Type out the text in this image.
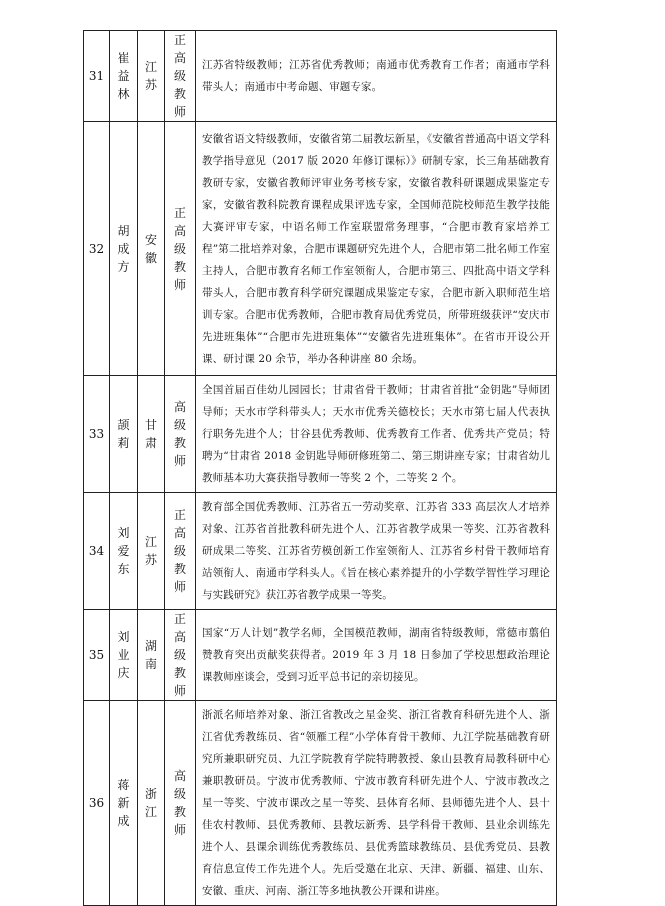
31	崔益林	江苏	正高级教师	江苏省特级教师；江苏省优秀教师；南通市优秀教育工作者；南通市学科带头人；南通市中考命题、审题专家。
32	胡成方	安徽	正高级教师	安徽省语文特级教师，安徽省第二届教坛新星，《安徽省普通高中语文学科教学指导意见（2017 版 2020 年修订课标）》研制专家，长三角基础教育教研专家，安徽省教师评审业务考核专家，安徽省教科研课题成果鉴定专家，安徽省教科院教育课程成果评选专家，全国师范院校师范生教学技能大赛评审专家，中语名师工作室联盟常务理事，“合肥市教育家培养工程”第二批培养对象，合肥市课题研究先进个人，合肥市第二批名师工作室主持人，合肥市教育名师工作室领衔人，合肥市第三、四批高中语文学科带头人，合肥市教育科学研究课题成果鉴定专家，合肥市新入职师范生培训专家。合肥市优秀教师，合肥市教育局优秀党员，所带班级获评“安庆市先进班集体”“合肥市先进班集体”“安徽省先进班集体”。在省市开设公开课、研讨课 20 余节，举办各种讲座 80 余场。
33	颉莉	甘肃	高级教师	全国首届百佳幼儿园园长；甘肃省骨干教师；甘肃省首批“金钥匙”导师团导师；天水市学科带头人；天水市优秀关德校长；天水市第七届人代表执行职务先进个人；甘谷县优秀教师、优秀教育工作者、优秀共产党员；特聘为“甘肃省 2018 金钥匙导师研修班第二、第三期讲座专家；甘肃省幼儿教师基本功大赛获指导教师一等奖 2 个，二等奖 2 个。
34	刘爱东	江苏	正高级教师	教育部全国优秀教师、江苏省五一劳动奖章、江苏省 333 高层次人才培养对象、江苏省首批教科研先进个人、江苏省教学成果一等奖、江苏省教科研成果二等奖、江苏省劳模创新工作室领衔人、江苏省乡村骨干教师培育站领衔人、南通市学科头人。《旨在核心素养提升的小学数学智性学习理论与实践研究》获江苏省教学成果一等奖。
35	刘业庆	湖南	正高级教师	国家“万人计划”教学名师，全国模范教师，湖南省特级教师，常德市翦伯赞教育突出贡献奖获得者。2019 年 3 月 18 日参加了学校思想政治理论课教师座谈会，受到习近平总书记的亲切接见。
36	蒋新成	浙江	高级教师	浙派名师培养对象、浙江省教改之星金奖、浙江省教育科研先进个人、浙江省优秀教练员、省“领雁工程”小学体育骨干教师、九江学院基础教育研究所兼职研究员、九江学院教育学院特聘教授、象山县教育局教科研中心兼职教研员。宁波市优秀教师、宁波市教育科研先进个人、宁波市教改之星一等奖、宁波市课改之星一等奖、县体育名师、县师德先进个人、县十佳农村教师、县优秀教师、县教坛新秀、县学科骨干教师、县业余训练先进个人、县课余训练优秀教练员、县优秀篮球教练员、县优秀党员、县教育信息宣传工作先进个人。先后受邀在北京、天津、新疆、福建、山东、安徽、重庆、河南、浙江等多地执教公开课和讲座。
